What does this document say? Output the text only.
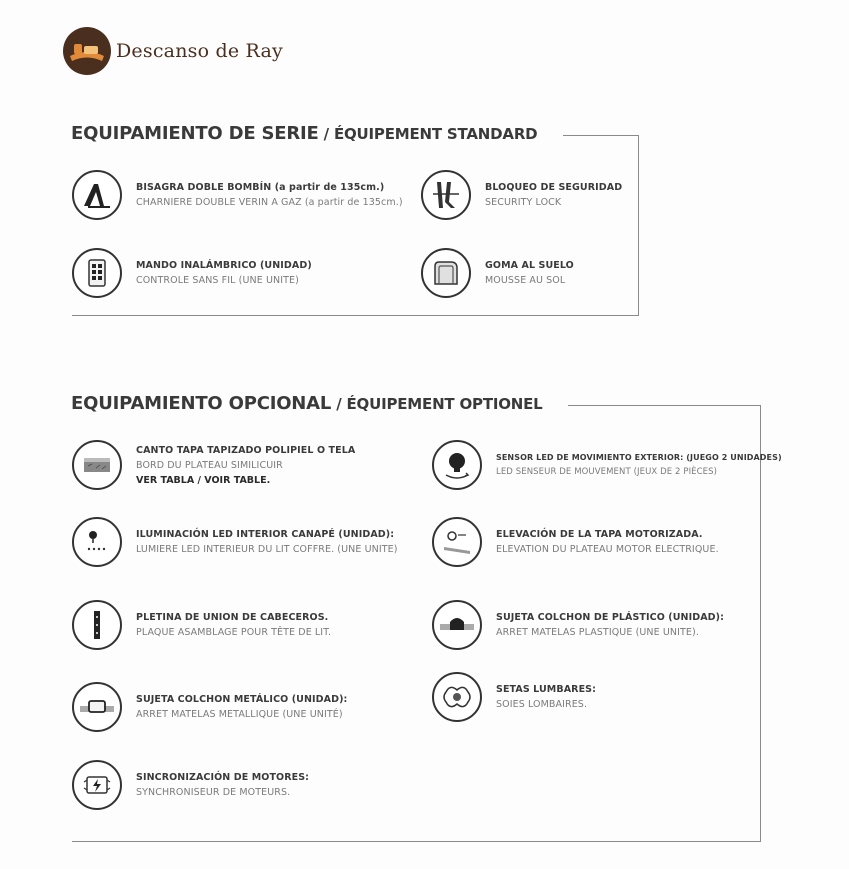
Descanso de Ray
EQUIPAMIENTO DE SERIE / ÉQUIPEMENT STANDARD
BISAGRA DOBLE BOMBÍN (a partir de 135cm.)
CHARNIERE DOUBLE VERIN A GAZ (a partir de 135cm.)
BLOQUEO DE SEGURIDAD
SECURITY LOCK
MANDO INALÁMBRICO (UNIDAD)
CONTROLE SANS FIL (UNE UNITE)
GOMA AL SUELO
MOUSSE AU SOL
EQUIPAMIENTO OPCIONAL / ÉQUIPEMENT OPTIONEL
CANTO TAPA TAPIZADO POLIPIEL O TELA
BORD DU PLATEAU SIMILICUIR
VER TABLA / VOIR TABLE.
SENSOR LED DE MOVIMIENTO EXTERIOR: (JUEGO 2 UNIDADES)
LED SENSEUR DE MOUVEMENT (JEUX DE 2 PIÈCES)
ILUMINACIÓN LED INTERIOR CANAPÉ (UNIDAD):
LUMIERE LED INTERIEUR DU LIT COFFRE. (UNE UNITE)
ELEVACIÓN DE LA TAPA MOTORIZADA.
ELEVATION DU PLATEAU MOTOR ELECTRIQUE.
PLETINA DE UNION DE CABECEROS.
PLAQUE ASAMBLAGE POUR TÊTE DE LIT.
SUJETA COLCHON DE PLÁSTICO (UNIDAD):
ARRET MATELAS PLASTIQUE (UNE UNITE).
SUJETA COLCHON METÁLICO (UNIDAD):
ARRET MATELAS METALLIQUE (UNE UNITÉ)
SETAS LUMBARES:
SOIES LOMBAIRES.
SINCRONIZACIÓN DE MOTORES:
SYNCHRONISEUR DE MOTEURS.
